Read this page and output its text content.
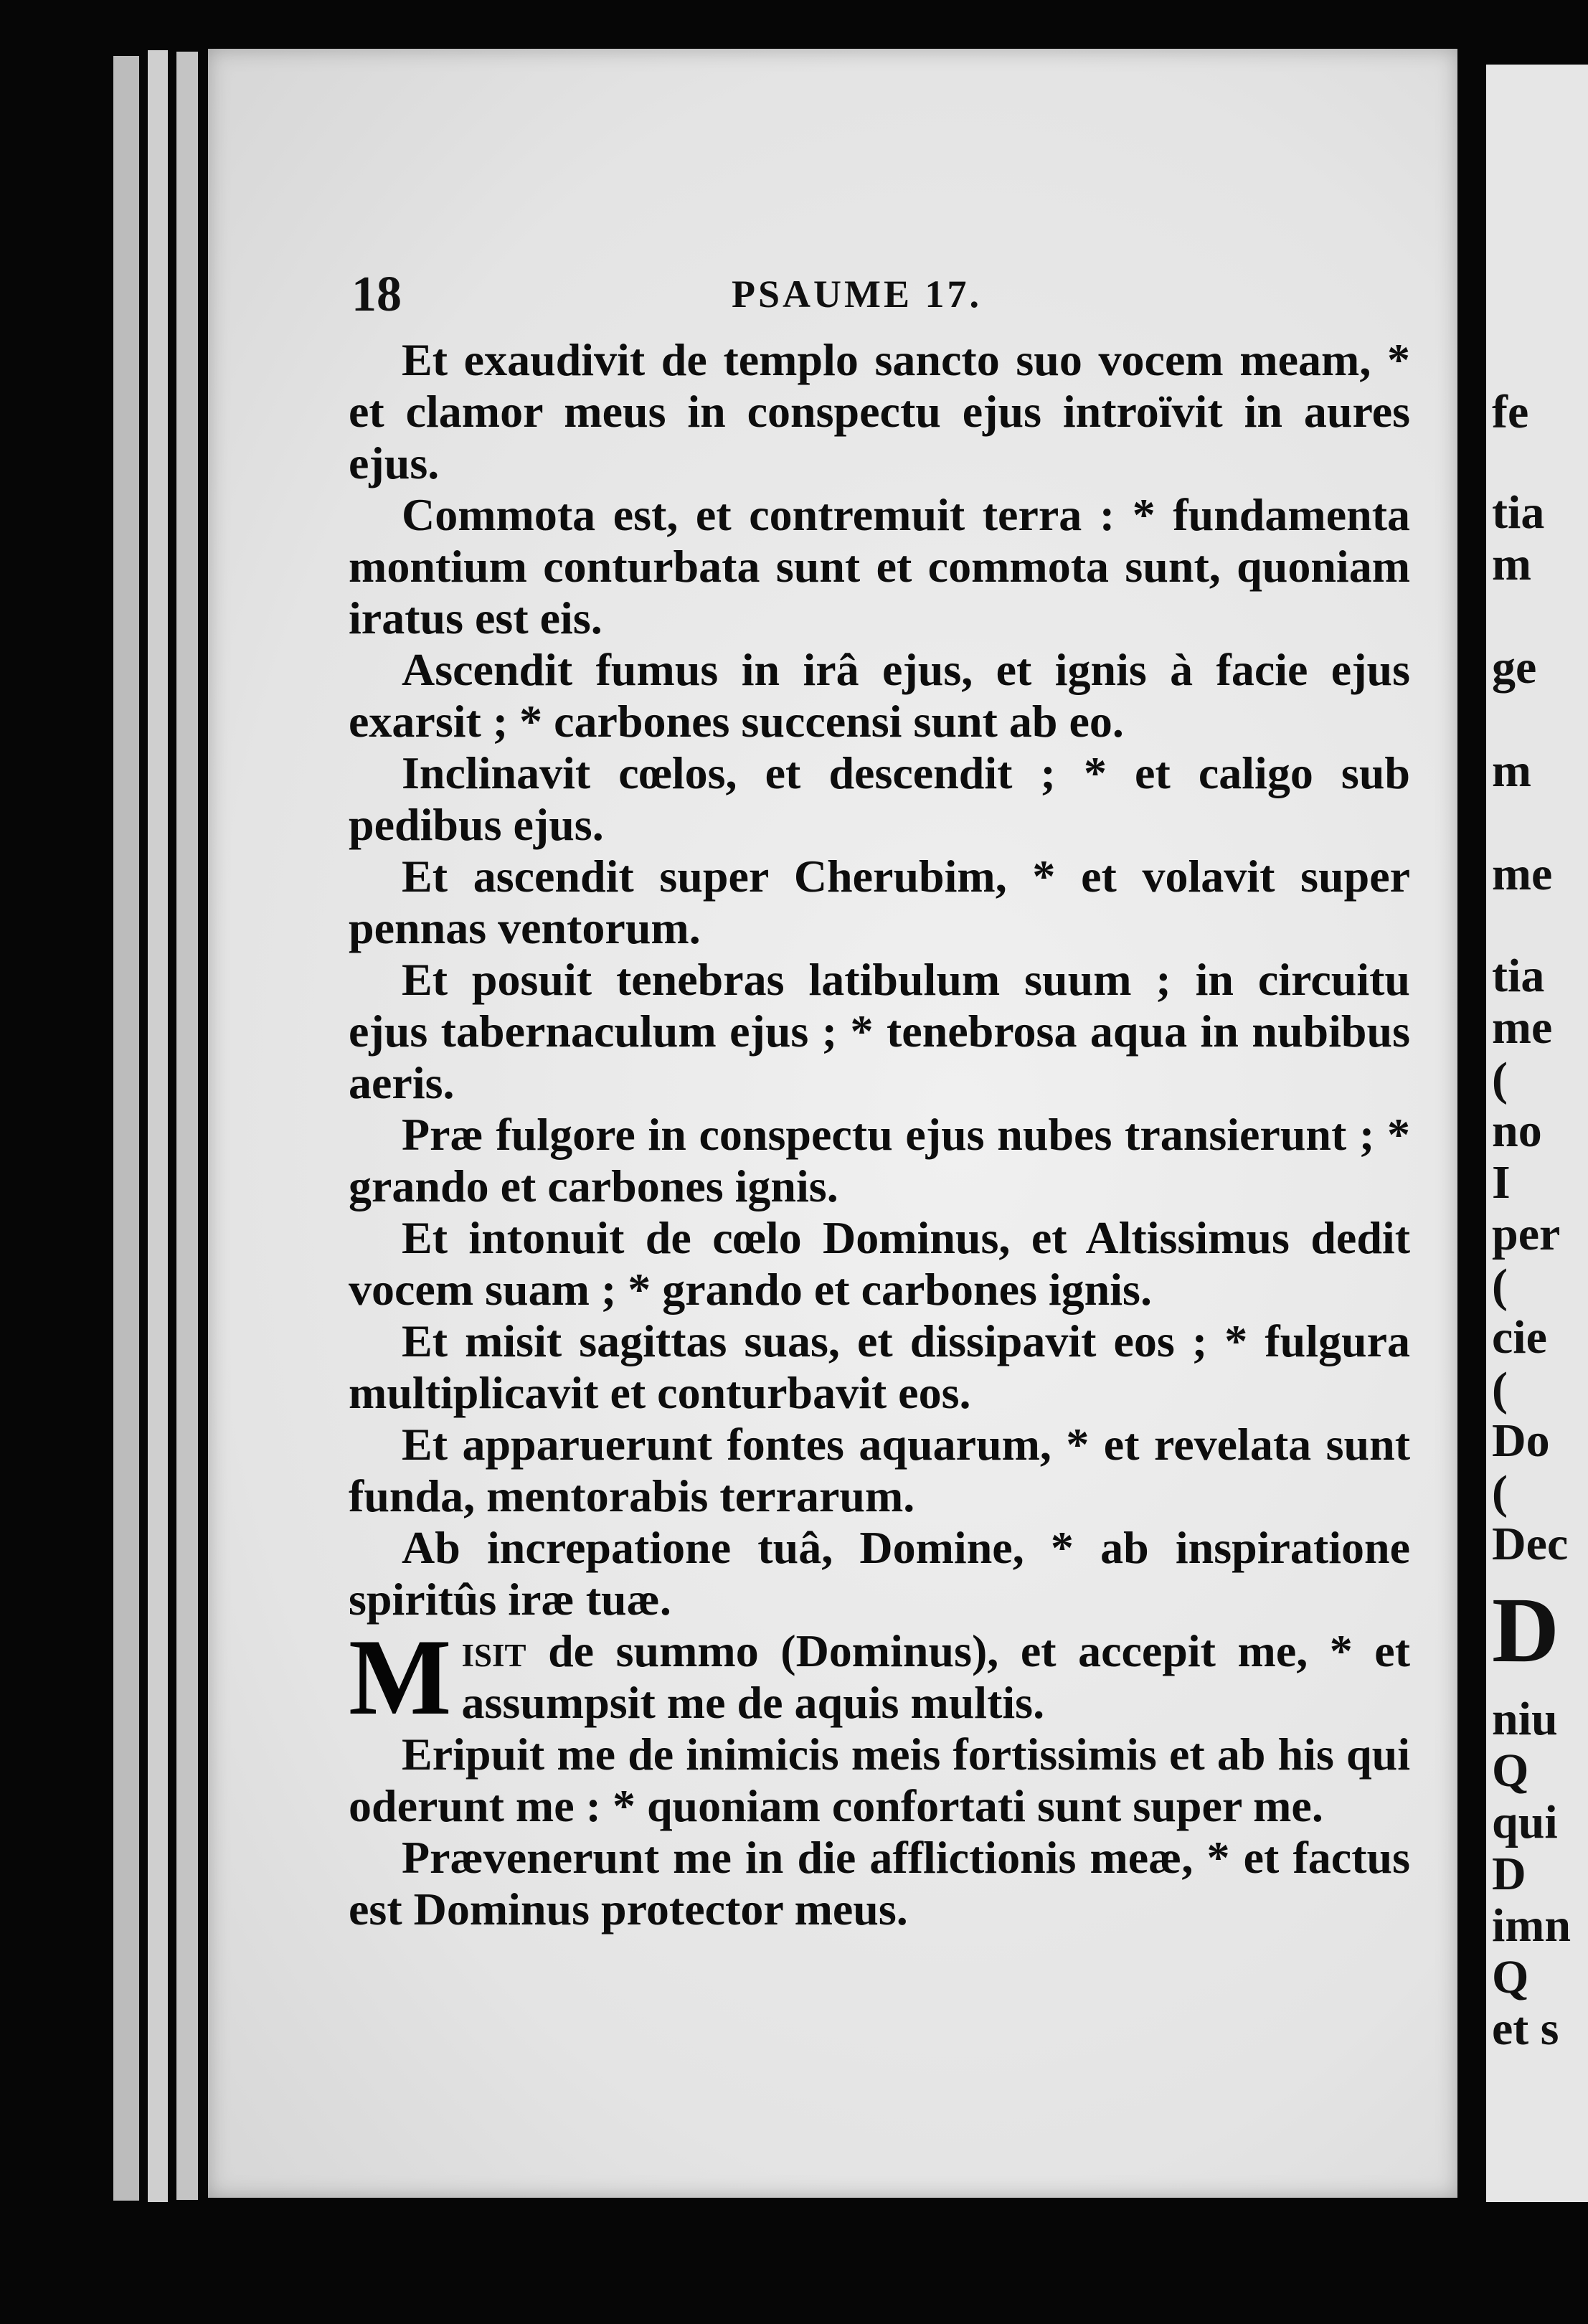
18	PSAUME 17.

Et exaudivit de templo sancto suo vocem meam, * et clamor meus in conspectu ejus introïvit in aures ejus.

Commota est, et contremuit terra : * fundamenta montium conturbata sunt et commota sunt, quoniam iratus est eis.

Ascendit fumus in irâ ejus, et ignis à facie ejus exarsit ; * carbones succensi sunt ab eo.

Inclinavit cœlos, et descendit ; * et caligo sub pedibus ejus.

Et ascendit super Cherubim, * et volavit super pennas ventorum.

Et posuit tenebras latibulum suum ; in circuitu ejus tabernaculum ejus ; * tenebrosa aqua in nubibus aeris.

Præ fulgore in conspectu ejus nubes transierunt ; * grando et carbones ignis.

Et intonuit de cœlo Dominus, et Altissimus dedit vocem suam ; * grando et carbones ignis.

Et misit sagittas suas, et dissipavit eos ; * fulgura multiplicavit et conturbavit eos.

Et apparuerunt fontes aquarum, * et revelata sunt funda, mentorabis terrarum.

Ab increpatione tuâ, Domine, * ab inspiratione spiritûs iræ tuæ.

Misit de summo (Dominus), et accepit me, * et assumpsit me de aquis multis.

Eripuit me de inimicis meis fortissimis et ab his qui oderunt me : * quoniam confortati sunt super me.

Prævenerunt me in die afflictionis meæ, * et factus est Dominus protector meus.

fe
tia
m
ge
m
me
tia
me
(
no
I
per
(
cie
(
Do
(
Dec
D
niu
Q
qui
D
imn
Q
et s
